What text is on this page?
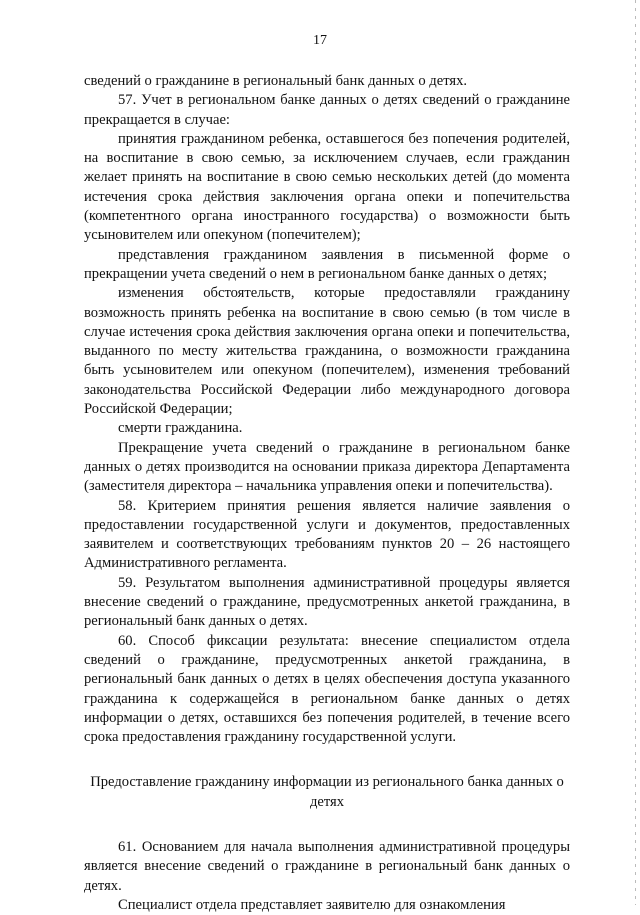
17

сведений о гражданине в региональный банк данных о детях.

57. Учет в региональном банке данных о детях сведений о гражданине прекращается в случае:

принятия гражданином ребенка, оставшегося без попечения родителей, на воспитание в свою семью, за исключением случаев, если гражданин желает принять на воспитание в свою семью нескольких детей (до момента истечения срока действия заключения органа опеки и попечительства (компетентного органа иностранного государства) о возможности быть усыновителем или опекуном (попечителем);

представления гражданином заявления в письменной форме о прекращении учета сведений о нем в региональном банке данных о детях;

изменения обстоятельств, которые предоставляли гражданину возможность принять ребенка на воспитание в свою семью (в том числе в случае истечения срока действия заключения органа опеки и попечительства, выданного по месту жительства гражданина, о возможности гражданина быть усыновителем или опекуном (попечителем), изменения требований законодательства Российской Федерации либо международного договора Российской Федерации;

смерти гражданина.

Прекращение учета сведений о гражданине в региональном банке данных о детях производится на основании приказа директора Департамента (заместителя директора – начальника управления опеки и попечительства).

58. Критерием принятия решения является наличие заявления о предоставлении государственной услуги и документов, предоставленных заявителем и соответствующих требованиям пунктов 20 – 26 настоящего Административного регламента.

59. Результатом выполнения административной процедуры является внесение сведений о гражданине, предусмотренных анкетой гражданина, в региональный банк данных о детях.

60. Способ фиксации результата: внесение специалистом отдела сведений о гражданине, предусмотренных анкетой гражданина, в региональный банк данных о детях в целях обеспечения доступа указанного гражданина к содержащейся в региональном банке данных о детях информации о детях, оставшихся без попечения родителей, в течение всего срока предоставления гражданину государственной услуги.

Предоставление гражданину информации из регионального банка данных о детях

61. Основанием для начала выполнения административной процедуры является внесение сведений о гражданине в региональный банк данных о детях.

Специалист отдела представляет заявителю для ознакомления
